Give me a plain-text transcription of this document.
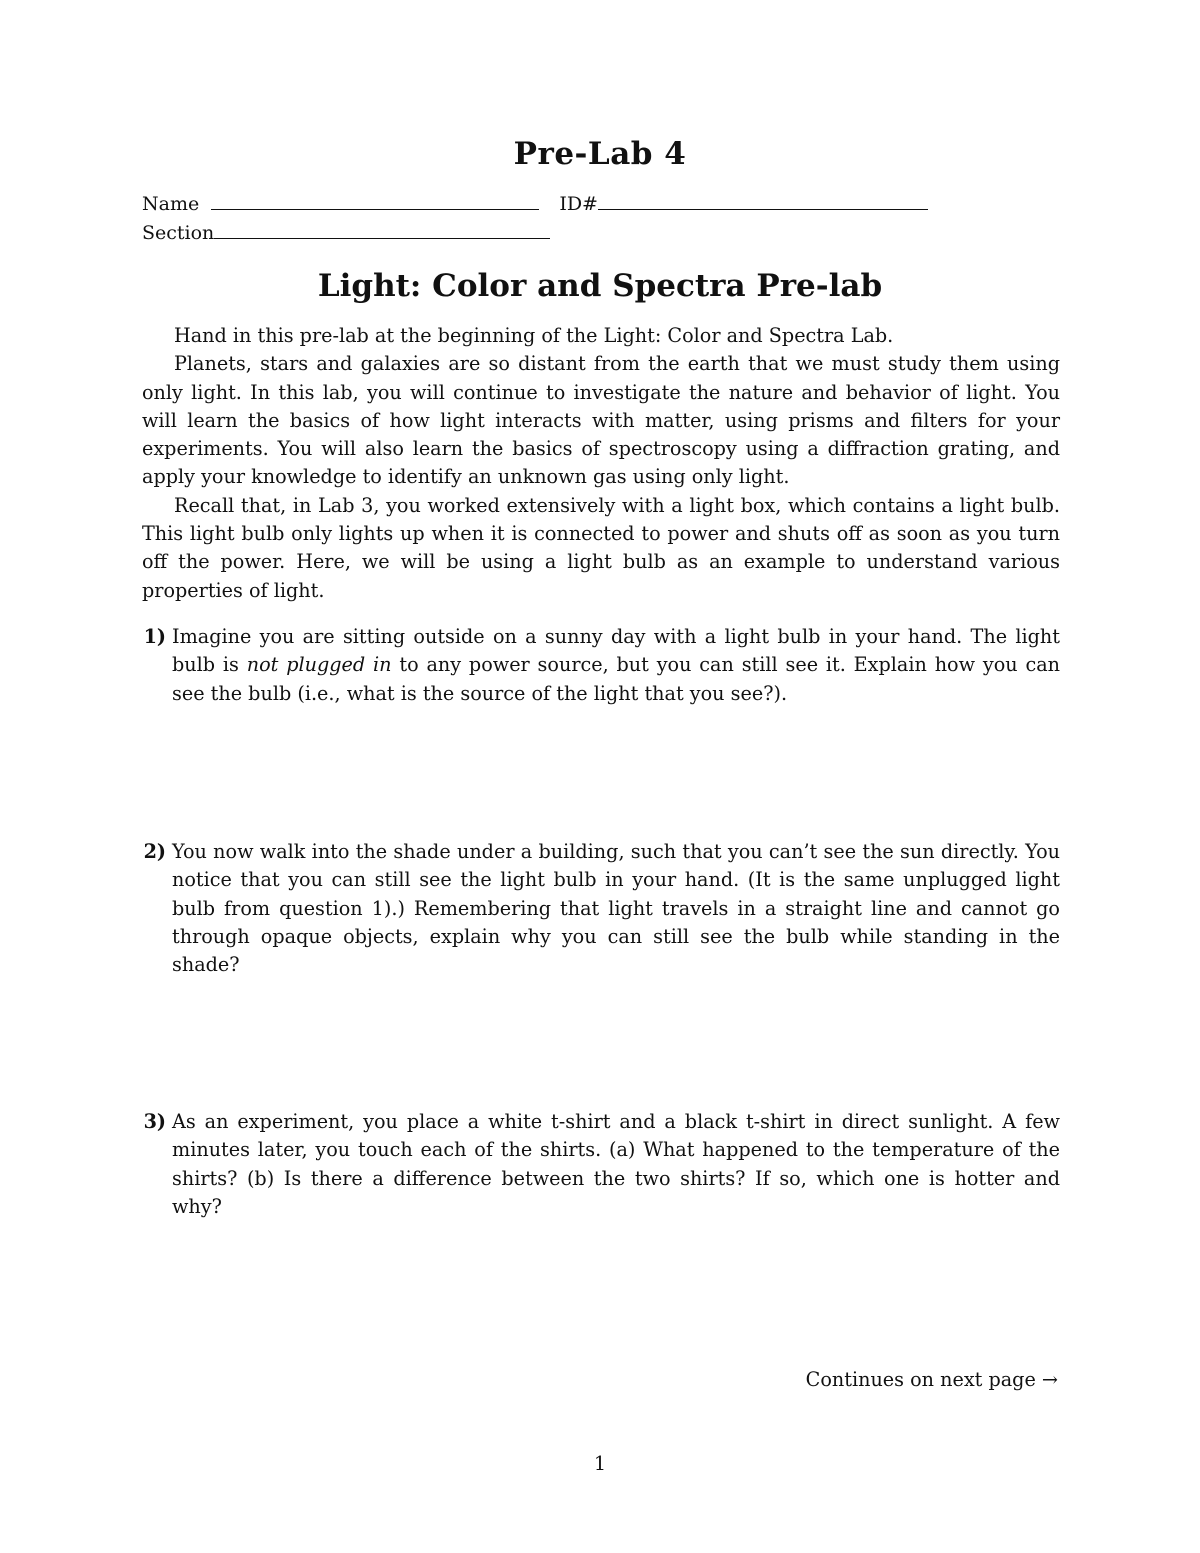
Pre-Lab 4
Name	ID#
Section
Light: Color and Spectra Pre-lab

Hand in this pre-lab at the beginning of the Light: Color and Spectra Lab.

Planets, stars and galaxies are so distant from the earth that we must study them using only light. In this lab, you will continue to investigate the nature and behavior of light. You will learn the basics of how light interacts with matter, using prisms and filters for your experiments. You will also learn the basics of spectroscopy using a diffraction grating, and apply your knowledge to identify an unknown gas using only light.

Recall that, in Lab 3, you worked extensively with a light box, which contains a light bulb. This light bulb only lights up when it is connected to power and shuts off as soon as you turn off the power. Here, we will be using a light bulb as an example to understand various properties of light.

1) Imagine you are sitting outside on a sunny day with a light bulb in your hand. The light bulb is not plugged in to any power source, but you can still see it. Explain how you can see the bulb (i.e., what is the source of the light that you see?).
2) You now walk into the shade under a building, such that you can’t see the sun directly. You notice that you can still see the light bulb in your hand. (It is the same unplugged light bulb from question 1).) Remembering that light travels in a straight line and cannot go through opaque objects, explain why you can still see the bulb while standing in the shade?
3) As an experiment, you place a white t-shirt and a black t-shirt in direct sunlight. A few minutes later, you touch each of the shirts. (a) What happened to the temperature of the shirts? (b) Is there a difference between the two shirts? If so, which one is hotter and why?
Continues on next page →
1
